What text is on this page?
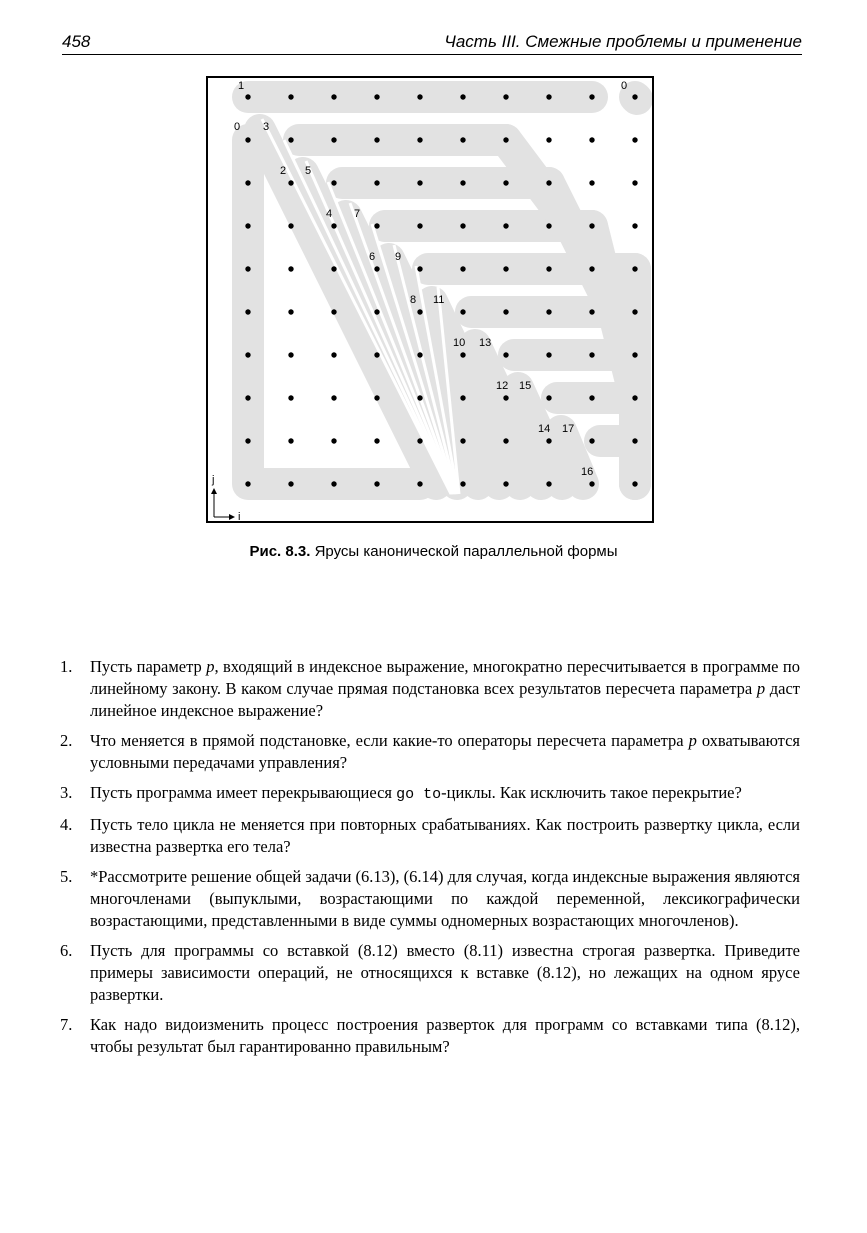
458	Часть III. Смежные проблемы и применение
1	0
0 3
2 5
4 7
6 9
8 11
10 13
12 15
14 17
16
j
i
Рис. 8.3. Ярусы канонической параллельной формы
1. Пусть параметр p, входящий в индексное выражение, многократно пересчитывается в программе по линейному закону. В каком случае прямая подстановка всех результатов пересчета параметра p даст линейное индексное выражение?
2. Что меняется в прямой подстановке, если какие-то операторы пересчета параметра p охватываются условными передачами управления?
3. Пусть программа имеет перекрывающиеся go to-циклы. Как исключить такое перекрытие?
4. Пусть тело цикла не меняется при повторных срабатываниях. Как построить развертку цикла, если известна развертка его тела?
5. *Рассмотрите решение общей задачи (6.13), (6.14) для случая, когда индексные выражения являются многочленами (выпуклыми, возрастающими по каждой переменной, лексикографически возрастающими, представленными в виде суммы одномерных возрастающих многочленов).
6. Пусть для программы со вставкой (8.12) вместо (8.11) известна строгая развертка. Приведите примеры зависимости операций, не относящихся к вставке (8.12), но лежащих на одном ярусе развертки.
7. Как надо видоизменить процесс построения разверток для программ со вставками типа (8.12), чтобы результат был гарантированно правильным?
